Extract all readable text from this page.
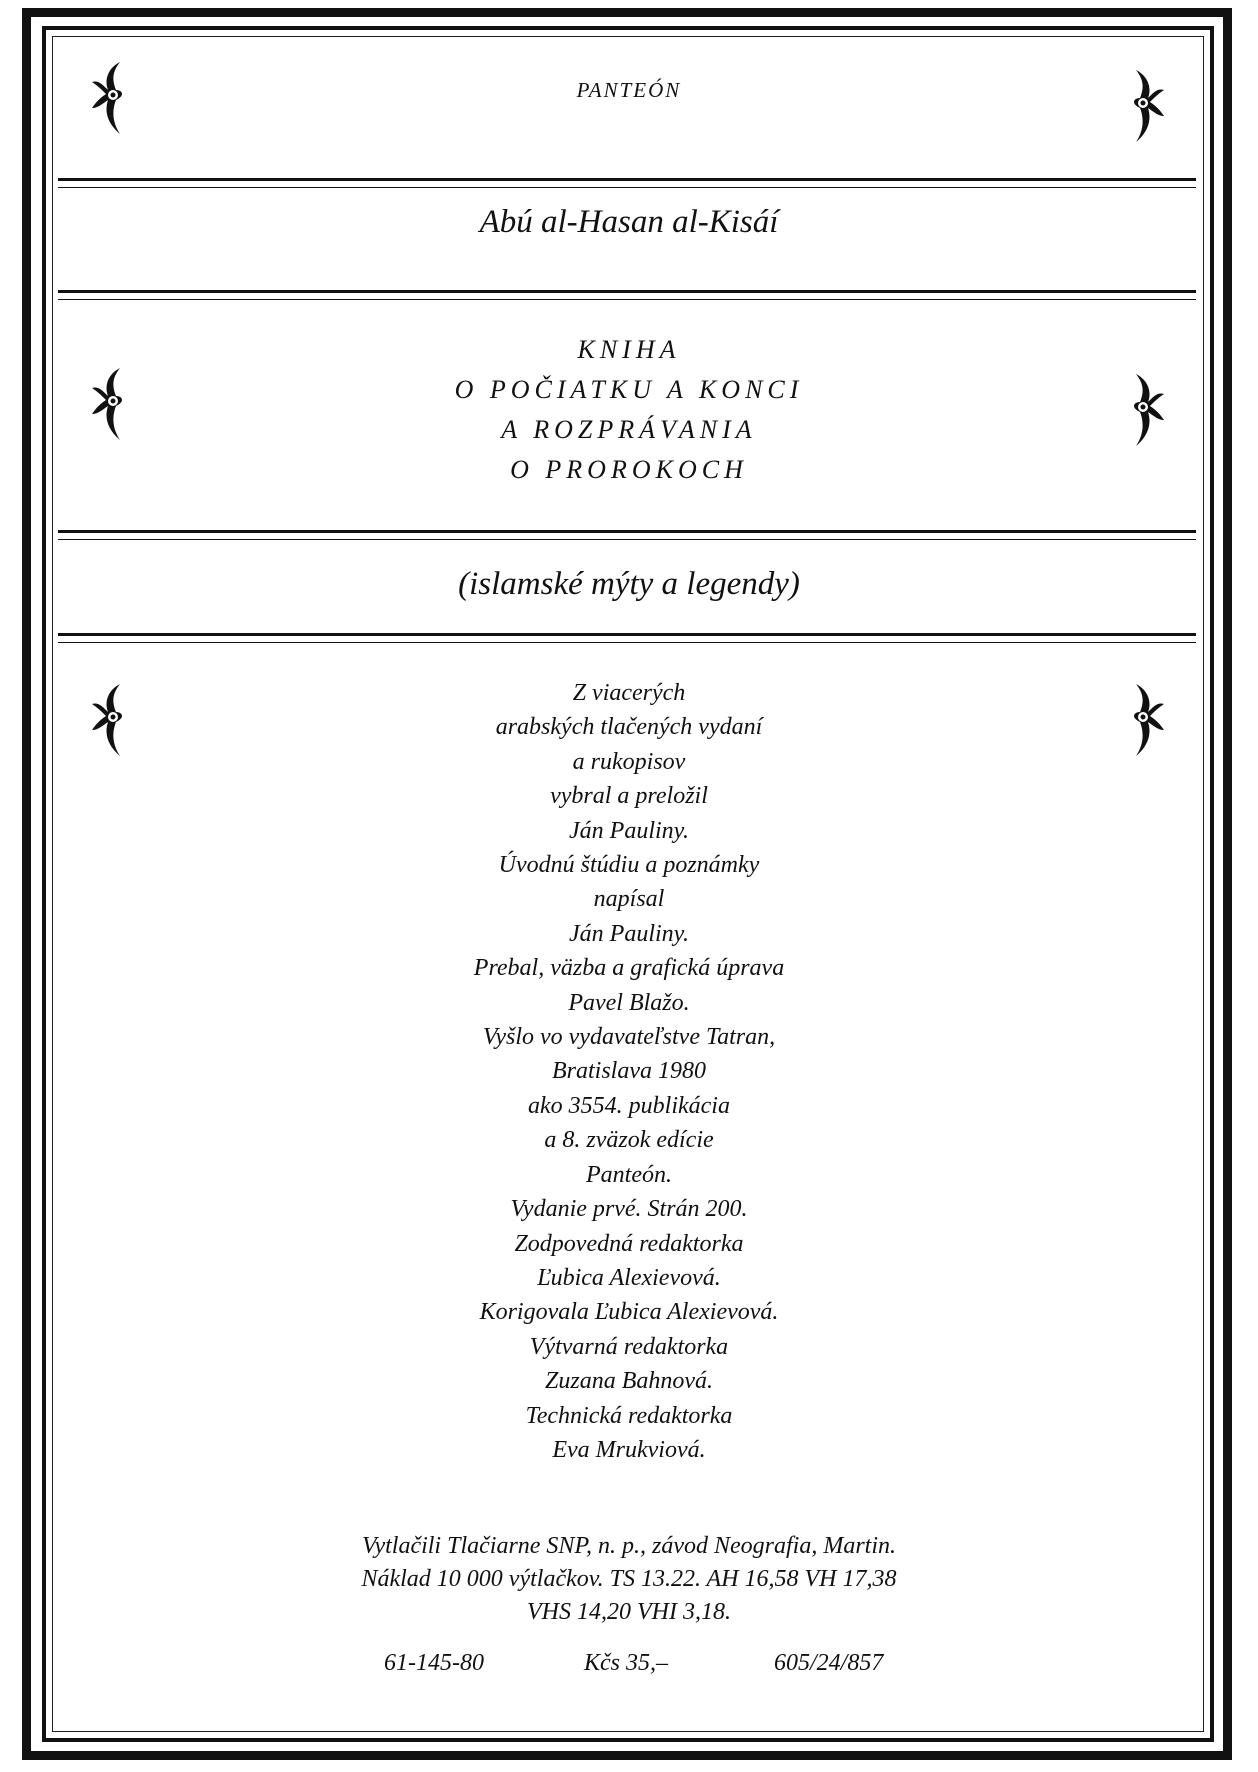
PANTEÓN
Abú al-Hasan al-Kisáí
KNIHA
O POČIATKU A KONCI
A ROZPRÁVANIA
O PROROKOCH
(islamské mýty a legendy)
Z viacerých
arabských tlačených vydaní
a rukopisov
vybral a preložil
Ján Pauliny.
Úvodnú štúdiu a poznámky
napísal
Ján Pauliny.
Prebal, väzba a grafická úprava
Pavel Blažo.
Vyšlo vo vydavateľstve Tatran,
Bratislava 1980
ako 3554. publikácia
a 8. zväzok edície
Panteón.
Vydanie prvé. Strán 200.
Zodpovedná redaktorka
Ľubica Alexievová.
Korigovala Ľubica Alexievová.
Výtvarná redaktorka
Zuzana Bahnová.
Technická redaktorka
Eva Mrukviová.
Vytlačili Tlačiarne SNP, n. p., závod Neografia, Martin.
Náklad 10 000 výtlačkov. TS 13.22. AH 16,58 VH 17,38
VHS 14,20 VHI 3,18.
61-145-80	Kčs 35,–	605/24/857
